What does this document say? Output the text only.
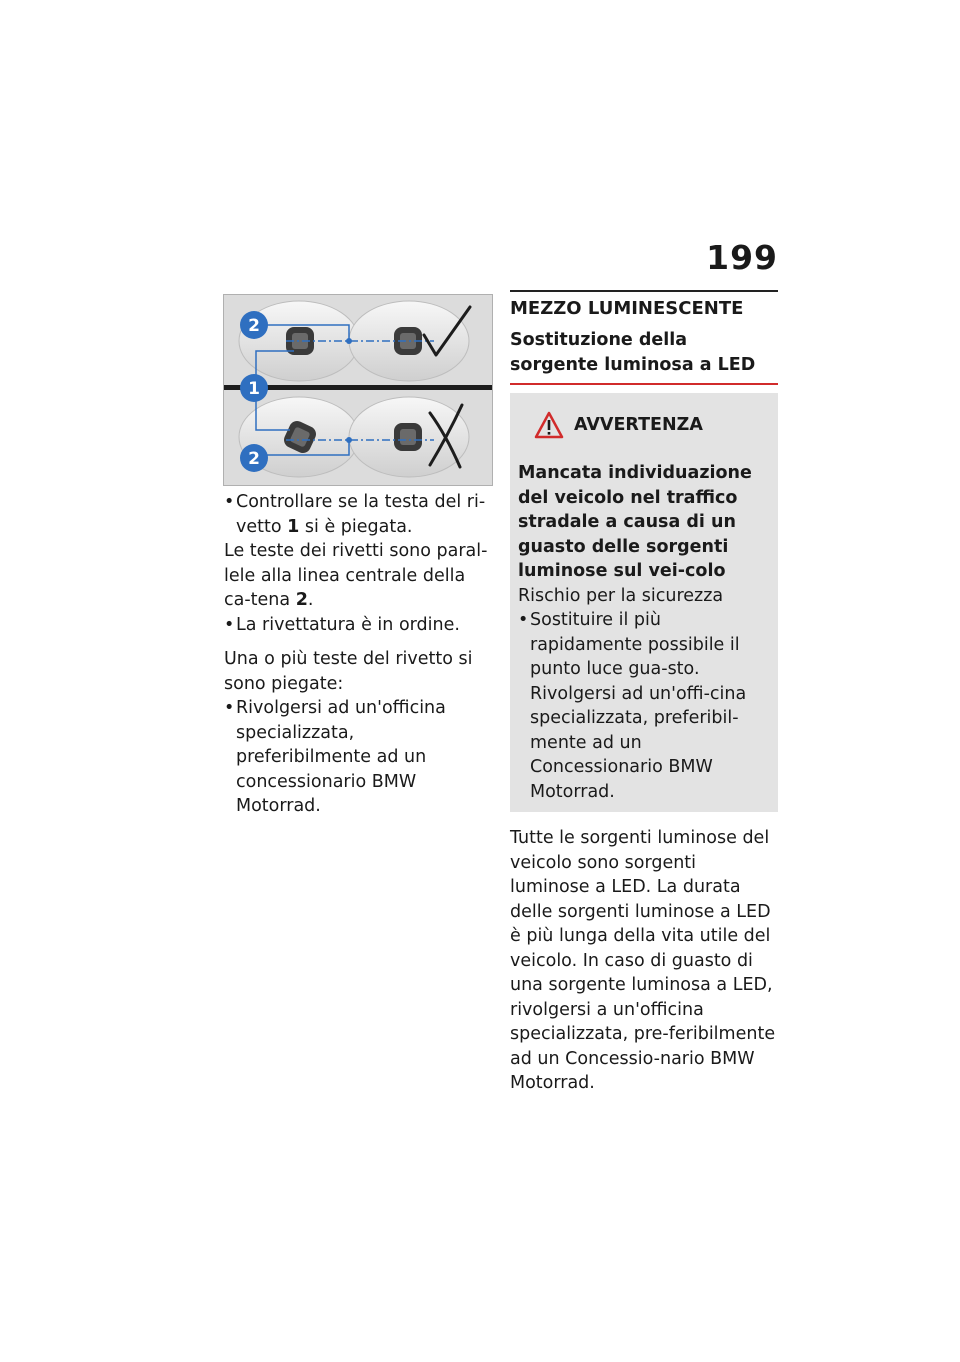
199
2
1
2

• Controllare se la testa del ri-vetto 1 si è piegata.

Le teste dei rivetti sono paral-lele alla linea centrale della ca-tena 2.

• La rivettatura è in ordine.

Una o più teste del rivetto si sono piegate:

• Rivolgersi ad un'officina specializzata, preferibilmente ad un concessionario BMW Motorrad.

MEZZO LUMINESCENTE
Sostituzione della sorgente luminosa a LED
AVVERTENZA

Mancata individuazione del veicolo nel traffico stradale a causa di un guasto delle sorgenti luminose sul vei-colo

Rischio per la sicurezza

• Sostituire il più rapidamente possibile il punto luce gua-sto. Rivolgersi ad un'offi-cina specializzata, preferibil-mente ad un Concessionario BMW Motorrad.

Tutte le sorgenti luminose del veicolo sono sorgenti luminose a LED. La durata delle sorgenti luminose a LED è più lunga della vita utile del veicolo. In caso di guasto di una sorgente luminosa a LED, rivolgersi a un'officina specializzata, pre-feribilmente ad un Concessio-nario BMW Motorrad.
